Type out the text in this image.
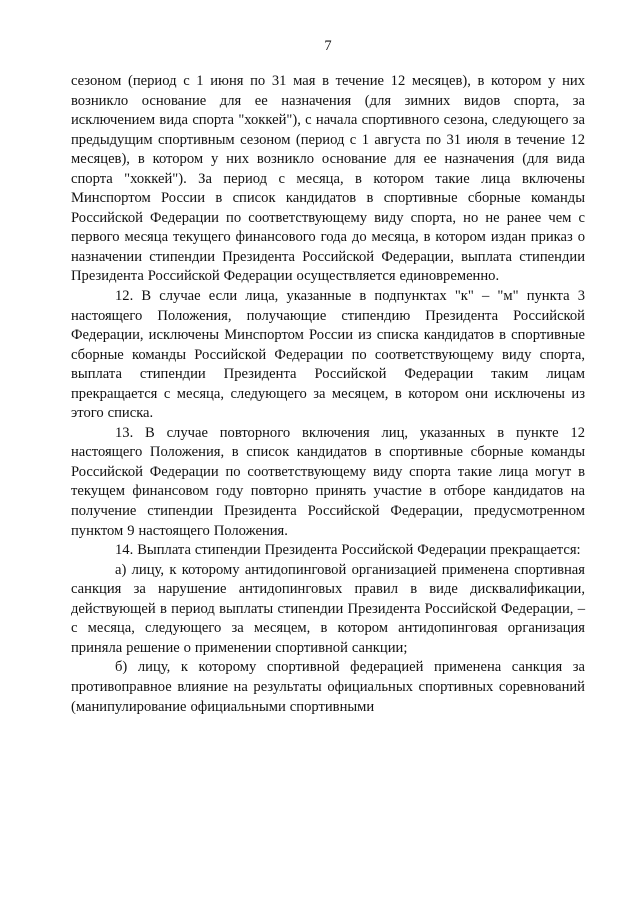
7

сезоном (период с 1 июня по 31 мая в течение 12 месяцев), в котором у них возникло основание для ее назначения (для зимних видов спорта, за исключением вида спорта "хоккей"), с начала спортивного сезона, следующего за предыдущим спортивным сезоном (период с 1 августа по 31 июля в течение 12 месяцев), в котором у них возникло основание для ее назначения (для вида спорта "хоккей"). За период с месяца, в котором такие лица включены Минспортом России в список кандидатов в спортивные сборные команды Российской Федерации по соответствующему виду спорта, но не ранее чем с первого месяца текущего финансового года до месяца, в котором издан приказ о назначении стипендии Президента Российской Федерации, выплата стипендии Президента Российской Федерации осуществляется единовременно.

12. В случае если лица, указанные в подпунктах "к" – "м" пункта 3 настоящего Положения, получающие стипендию Президента Российской Федерации, исключены Минспортом России из списка кандидатов в спортивные сборные команды Российской Федерации по соответствующему виду спорта, выплата стипендии Президента Российской Федерации таким лицам прекращается с месяца, следующего за месяцем, в котором они исключены из этого списка.

13. В случае повторного включения лиц, указанных в пункте 12 настоящего Положения, в список кандидатов в спортивные сборные команды Российской Федерации по соответствующему виду спорта такие лица могут в текущем финансовом году повторно принять участие в отборе кандидатов на получение стипендии Президента Российской Федерации, предусмотренном пунктом 9 настоящего Положения.

14. Выплата стипендии Президента Российской Федерации прекращается:

а) лицу, к которому антидопинговой организацией применена спортивная санкция за нарушение антидопинговых правил в виде дисквалификации, действующей в период выплаты стипендии Президента Российской Федерации, – с месяца, следующего за месяцем, в котором антидопинговая организация приняла решение о применении спортивной санкции;

б) лицу, к которому спортивной федерацией применена санкция за противоправное влияние на результаты официальных спортивных соревнований (манипулирование официальными спортивными
